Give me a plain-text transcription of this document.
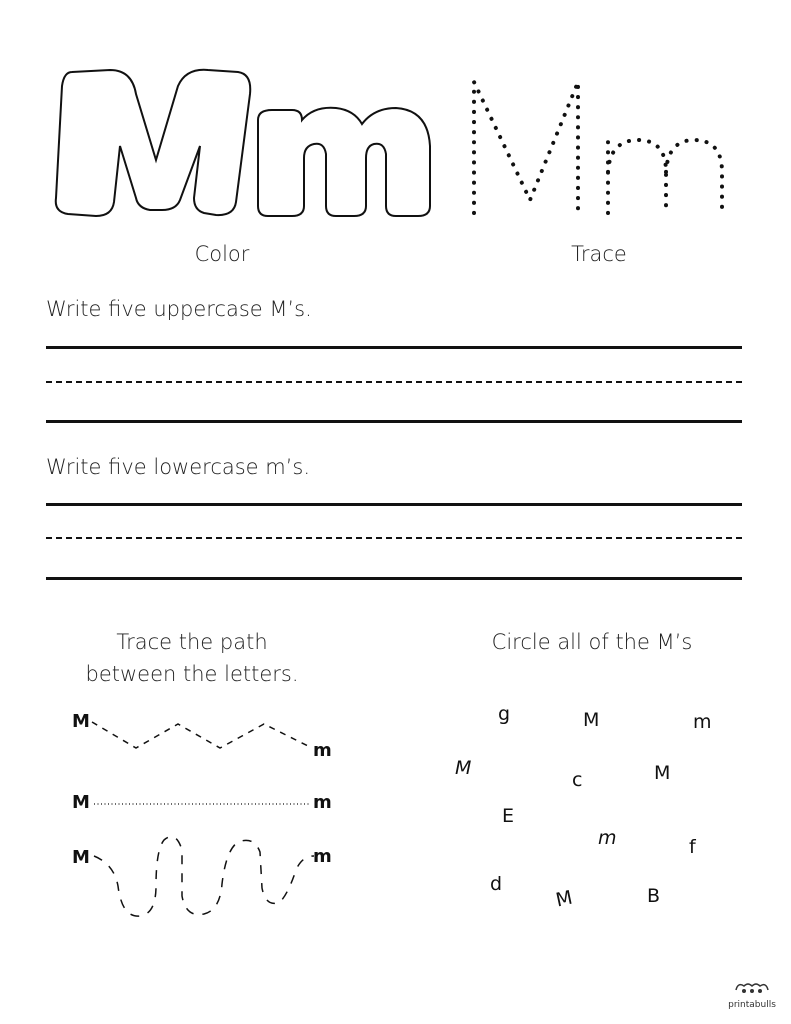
Color	Trace
Write five uppercase M’s.
Write five lowercase m’s.
Trace the path
between the letters.
M
m
M	m
M	m
Circle all of the M’s
g	M	m
M
c	M
E
m	f
d
M	B
printabulls
